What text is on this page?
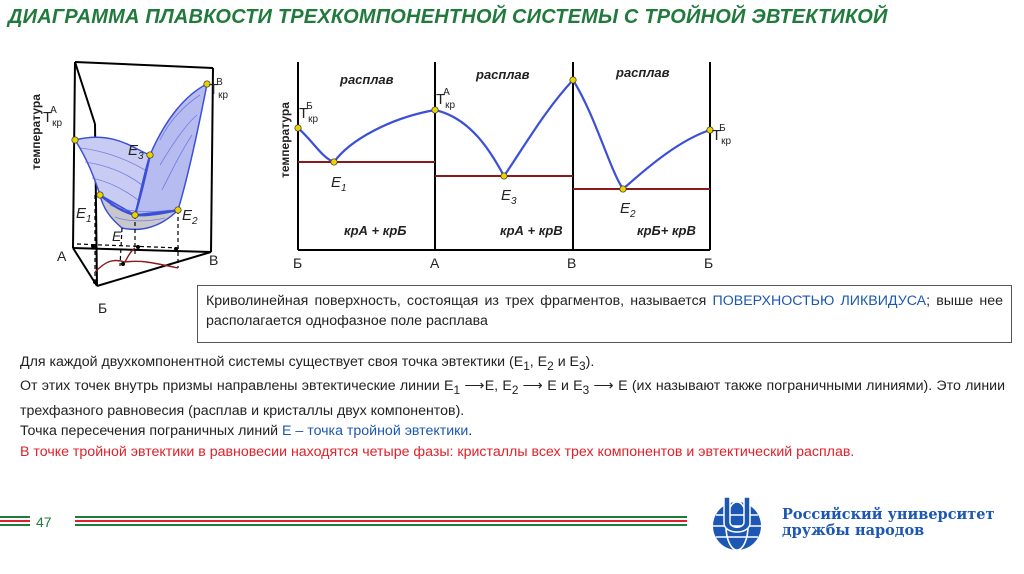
ДИАГРАММА ПЛАВКОСТИ ТРЕХКОМПОНЕНТНОЙ СИСТЕМЫ С ТРОЙНОЙ ЭВТЕКТИКОЙ
температура $Т_{кр}А$
$Т_{кр}В$
$E_3$
$E_1$	$E_2$
E
А	В
Б
температура
расплав	расплав	расплав
$Т_{кр}Б$	$Т_{кр}А$
$Т_{кр}Б$
$E_1$	$E_3$	$E_2$
крА + крБ	крА + крВ	крБ+ крВ
Б	А	В	Б
Криволинейная поверхность, состоящая из трех фрагментов, называется ПОВЕРХНОСТЬЮ ЛИКВИДУСА; выше нее располагается однофазное поле расплава

Для каждой двухкомпонентной системы существует своя точка эвтектики ($E_1$, $E_2$ и $E_3$).

От этих точек внутрь призмы направлены эвтектические линии $E_1$ ⟶E, $E_2$ ⟶ E и $E_3$ ⟶ E (их называют также пограничными линиями). Это линии трехфазного равновесия (расплав и кристаллы двух компонентов).

Точка пересечения пограничных линий E – точка тройной эвтектики.

В точке тройной эвтектики в равновесии находятся четыре фазы: кристаллы всех трех компонентов и эвтектический расплав.

47	Российский университет
дружбы народов
